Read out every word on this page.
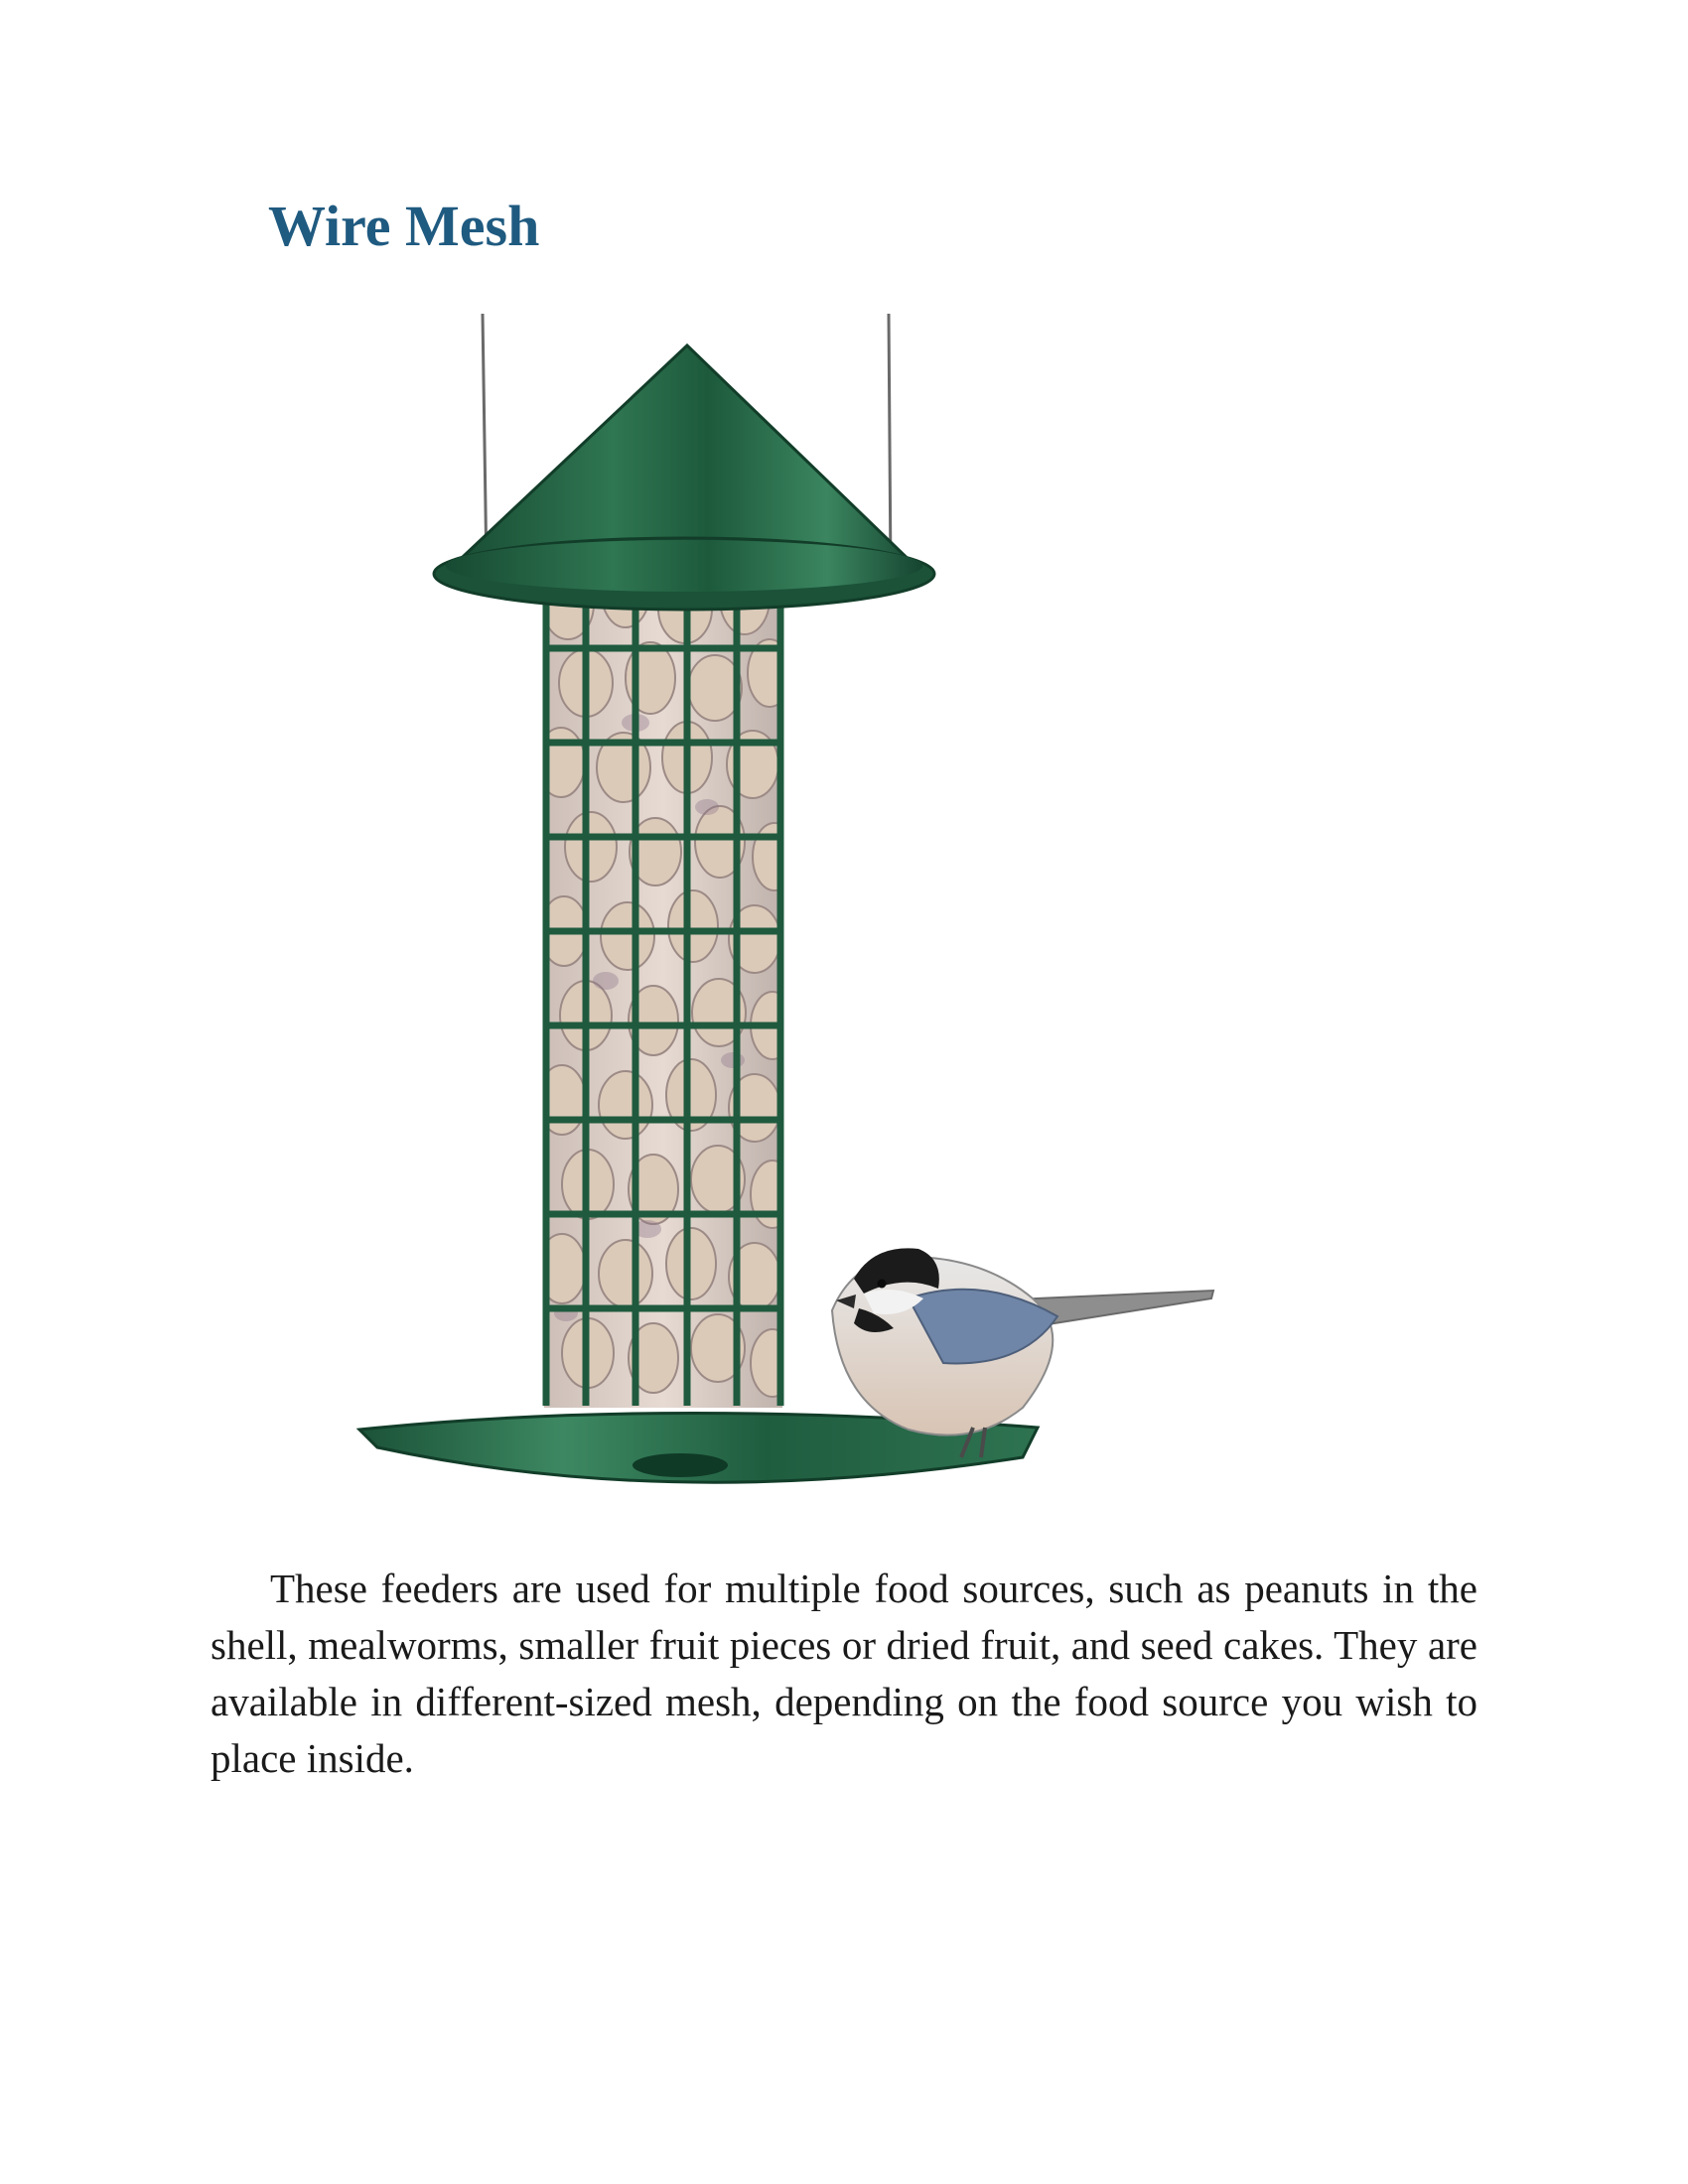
Wire Mesh

These feeders are used for multiple food sources, such as peanuts in the shell, mealworms, smaller fruit pieces or dried fruit, and seed cakes. They are available in different-sized mesh, depending on the food source you wish to place inside.
